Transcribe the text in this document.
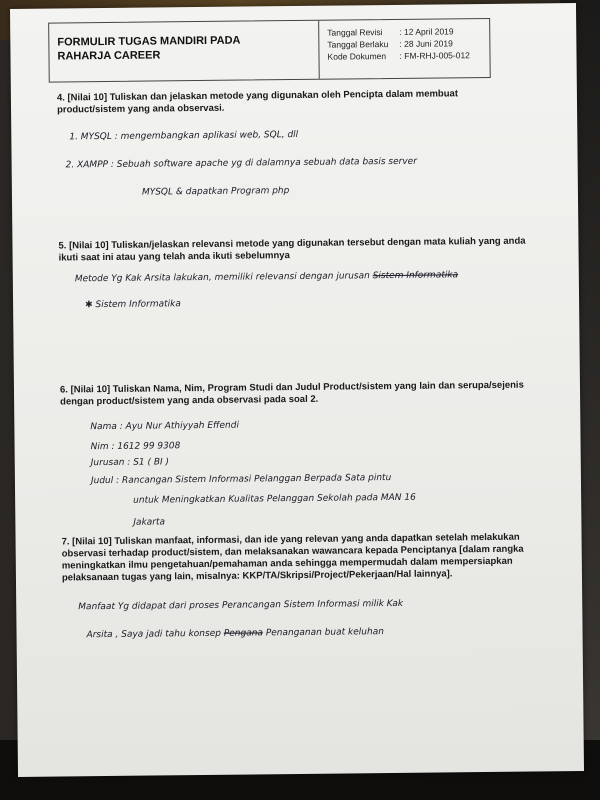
FORMULIR TUGAS MANDIRI PADA
RAHARJA CAREER
Tanggal Revisi	: 12 April 2019
Tanggal Berlaku	: 28 Juni 2019
Kode Dokumen	: FM-RHJ-005-012
4. [Nilai 10] Tuliskan dan jelaskan metode yang digunakan oleh Pencipta dalam membuat product/sistem yang anda observasi.
1. MYSQL : mengembangkan aplikasi web, SQL, dll
2. XAMPP : Sebuah software apache yg di dalamnya sebuah data basis server
MYSQL & dapatkan Program php
5. [Nilai 10] Tuliskan/jelaskan relevansi metode yang digunakan tersebut dengan mata kuliah yang anda ikuti saat ini atau yang telah anda ikuti sebelumnya
Metode Yg Kak Arsita lakukan, memiliki relevansi dengan jurusan Sistem Informatika
✱ Sistem Informatika
6. [Nilai 10] Tuliskan Nama, Nim, Program Studi dan Judul Product/sistem yang lain dan serupa/sejenis dengan product/sistem yang anda observasi pada soal 2.
Nama : Ayu Nur Athiyyah Effendi
Nim : 1612 99 9308
Jurusan : S1 ( BI )
Judul : Rancangan Sistem Informasi Pelanggan Berpada Sata pintu
untuk Meningkatkan Kualitas Pelanggan Sekolah pada MAN 16
Jakarta
7. [Nilai 10] Tuliskan manfaat, informasi, dan ide yang relevan yang anda dapatkan setelah melakukan observasi terhadap product/sistem, dan melaksanakan wawancara kepada Penciptanya [dalam rangka meningkatkan ilmu pengetahuan/pemahaman anda sehingga mempermudah dalam mempersiapkan pelaksanaan tugas yang lain, misalnya: KKP/TA/Skripsi/Project/Pekerjaan/Hal lainnya].
Manfaat Yg didapat dari proses Perancangan Sistem Informasi milik Kak
Arsita , Saya jadi tahu konsep Pengana Penanganan buat keluhan
